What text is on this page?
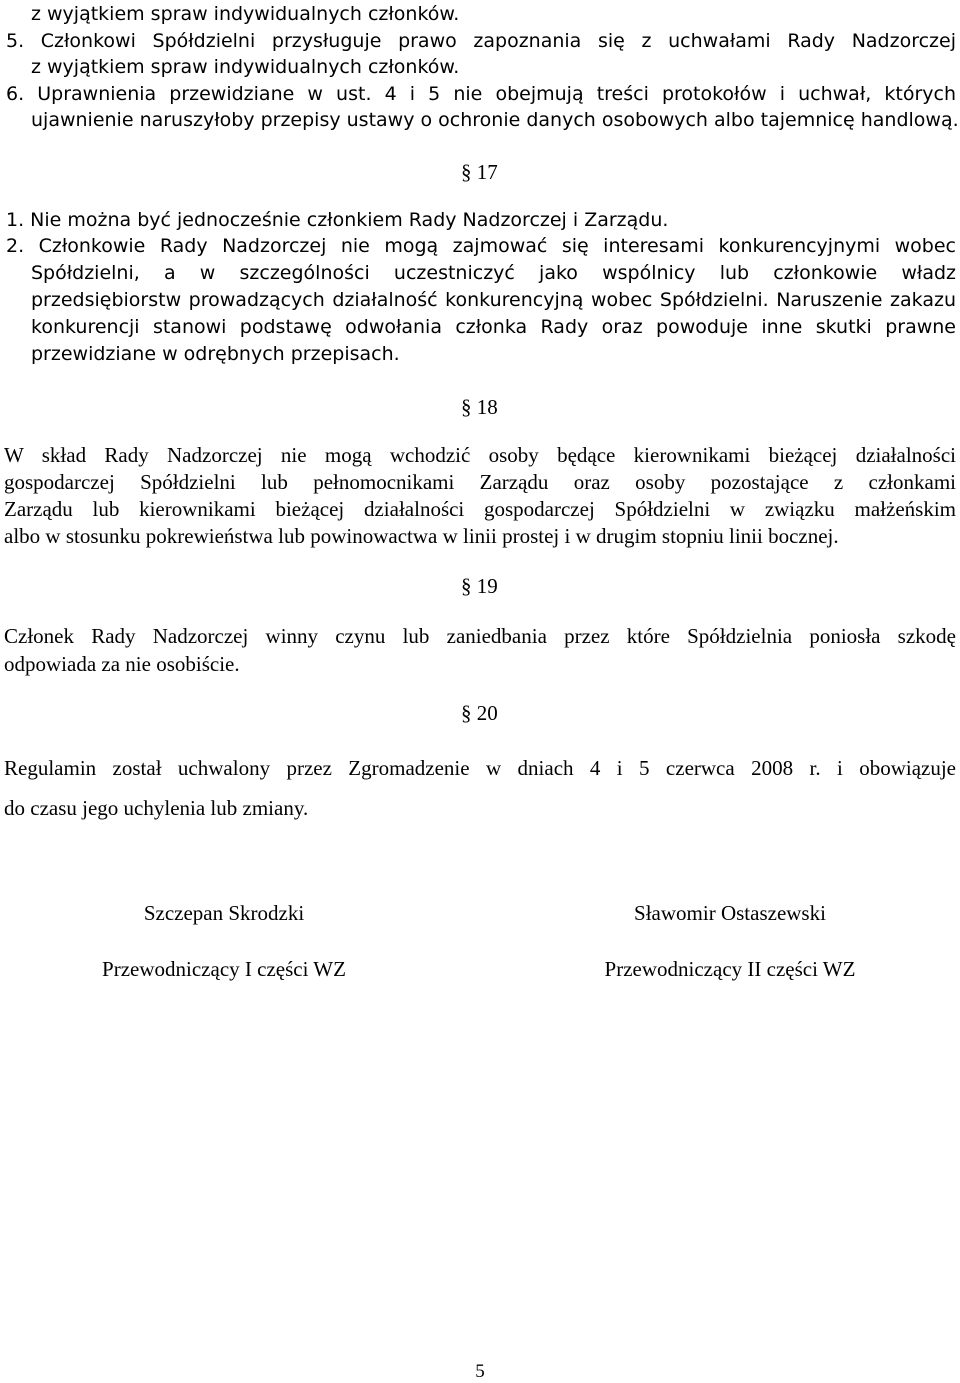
z wyjątkiem spraw indywidualnych członków.
5. Członkowi Spółdzielni przysługuje prawo zapoznania się z uchwałami Rady Nadzorczej
z wyjątkiem spraw indywidualnych członków.
6. Uprawnienia przewidziane w ust. 4 i 5 nie obejmują treści protokołów i uchwał, których
ujawnienie naruszyłoby przepisy ustawy o ochronie danych osobowych albo tajemnicę handlową.
§ 17
1. Nie można być jednocześnie członkiem Rady Nadzorczej i Zarządu.
2. Członkowie Rady Nadzorczej nie mogą zajmować się interesami konkurencyjnymi wobec
Spółdzielni, a w szczególności uczestniczyć jako wspólnicy lub członkowie władz
przedsiębiorstw prowadzących działalność konkurencyjną wobec Spółdzielni. Naruszenie zakazu
konkurencji stanowi podstawę odwołania członka Rady oraz powoduje inne skutki prawne
przewidziane w odrębnych przepisach.
§ 18
W skład Rady Nadzorczej nie mogą wchodzić osoby będące kierownikami bieżącej działalności
gospodarczej Spółdzielni lub pełnomocnikami Zarządu oraz osoby pozostające z członkami
Zarządu lub kierownikami bieżącej działalności gospodarczej Spółdzielni w związku małżeńskim
albo w stosunku pokrewieństwa lub powinowactwa w linii prostej i w drugim stopniu linii bocznej.
§ 19
Członek Rady Nadzorczej winny czynu lub zaniedbania przez które Spółdzielnia poniosła szkodę
odpowiada za nie osobiście.
§ 20
Regulamin został uchwalony przez Zgromadzenie w dniach 4 i 5 czerwca 2008 r. i obowiązuje
do czasu jego uchylenia lub zmiany.
Szczepan Skrodzki
Przewodniczący I części WZ
Sławomir Ostaszewski
Przewodniczący II części WZ
5
